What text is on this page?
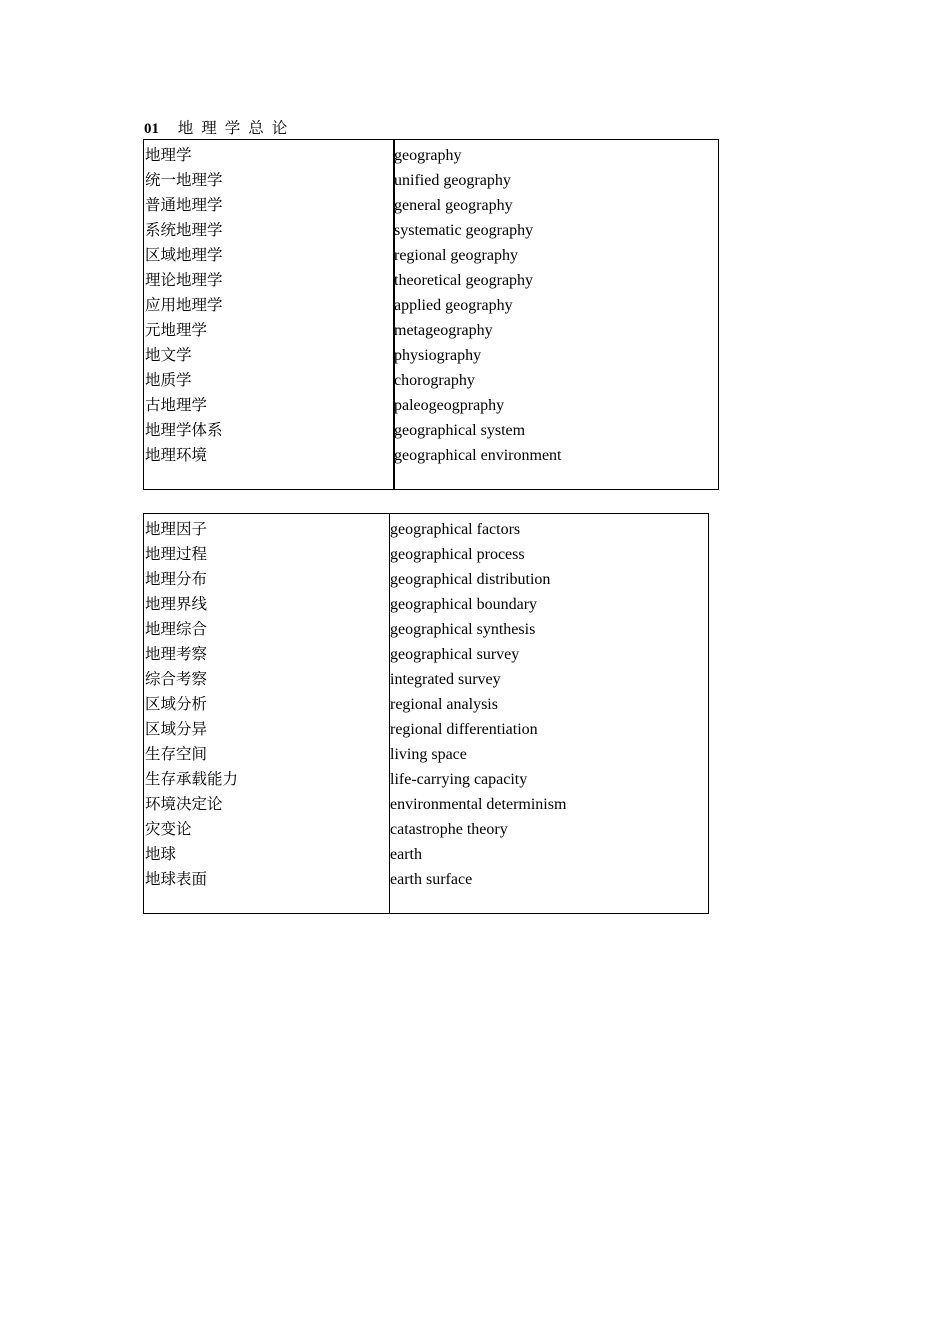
01 地理学总论
地理学
统一地理学
普通地理学
系统地理学
区域地理学
理论地理学
应用地理学
元地理学
地文学
地质学
古地理学
地理学体系
地理环境
geography
unified geography
general geography
systematic geography
regional geography
theoretical geography
applied geography
metageography
physiography
chorography
paleogeogpraphy
geographical system
geographical environment
地理因子
地理过程
地理分布
地理界线
地理综合
地理考察
综合考察
区域分析
区域分异
生存空间
生存承载能力
环境决定论
灾变论
地球
地球表面
geographical factors
geographical process
geographical distribution
geographical boundary
geographical synthesis
geographical survey
integrated survey
regional analysis
regional differentiation
living space
life-carrying capacity
environmental determinism
catastrophe theory
earth
earth surface
